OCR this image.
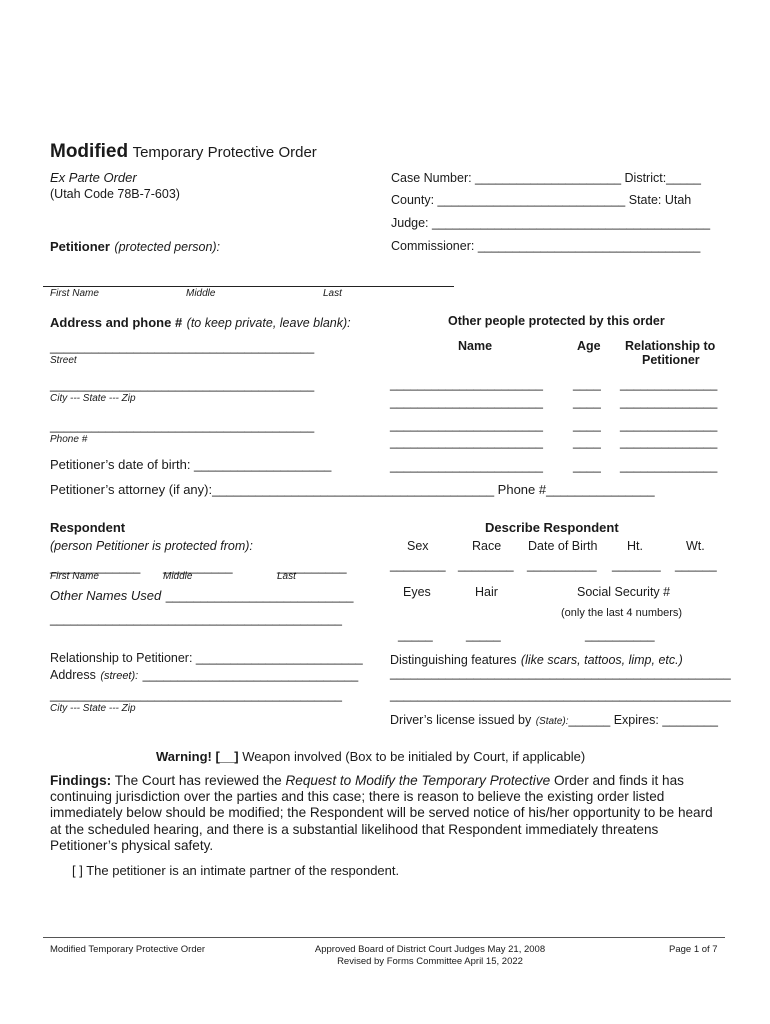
Modified Temporary Protective Order
Ex Parte Order
(Utah Code 78B-7-603)
Case Number: _____________________ District:_____
County: ___________________________ State: Utah
Judge: ________________________________________
Commissioner: ________________________________
Petitioner (protected person):
First Name	Middle	Last
Address and phone # (to keep private, leave blank):
______________________________________
Street
______________________________________
City --- State --- Zip
______________________________________
Phone #
Petitioner’s date of birth: ___________________
Petitioner’s attorney (if any):_______________________________________ Phone #_______________
Other people protected by this order
Name	Age Relationship to
Petitioner
______________________ ____ ______________
______________________ ____ ______________
______________________ ____ ______________
______________________ ____ ______________
______________________ ____ ______________
Respondent
(person Petitioner is protected from):
_____________ __________	__________
First Name	Middle	Last
Other Names Used ___________________________
__________________________________________
Relationship to Petitioner: ________________________
Address (street): _______________________________
__________________________________________
City --- State --- Zip
Describe Respondent
Sex	Race Date of Birth Ht.	Wt.
________ ________ __________ _______ ______
Eyes	Hair	Social Security #
(only the last 4 numbers)
_____	_____	__________
Distinguishing features (like scars, tattoos, limp, etc.)
_________________________________________________
_________________________________________________
Driver’s license issued by (State):______ Expires: ________
Warning! [__] Weapon involved (Box to be initialed by Court, if applicable)
Findings: The Court has reviewed the Request to Modify the Temporary Protective Order and finds it has continuing jurisdiction over the parties and this case; there is reason to believe the existing order listed immediately below should be modified; the Respondent will be served notice of his/her opportunity to be heard at the scheduled hearing, and there is a substantial likelihood that Respondent immediately threatens Petitioner’s physical safety.
[ ] The petitioner is an intimate partner of the respondent.
Modified Temporary Protective Order	Approved Board of District Court Judges May 21, 2008
Revised by Forms Committee April 15, 2022
Page 1 of 7
